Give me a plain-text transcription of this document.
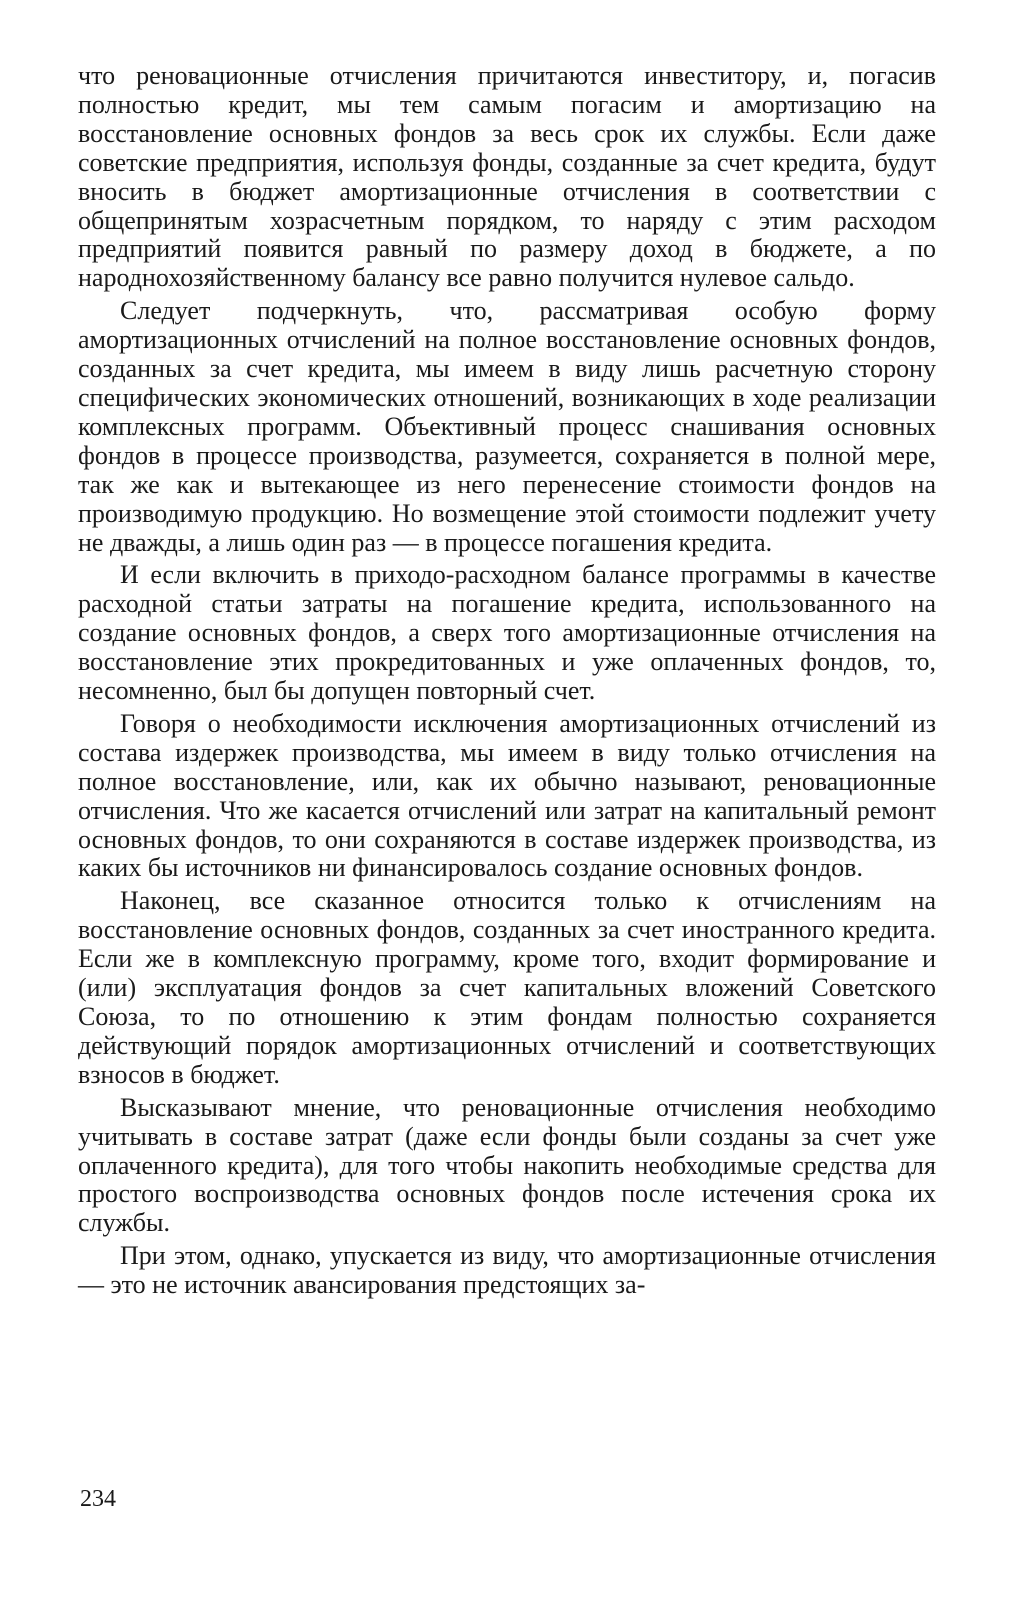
что реновационные отчисления причитаются инвеститору, и, погасив полностью кредит, мы тем самым погасим и амортизацию на восстановление основных фондов за весь срок их службы. Если даже советские предприятия, используя фонды, созданные за счет кредита, будут вносить в бюджет амортизационные отчисления в соответствии с общепринятым хозрасчетным порядком, то наряду с этим расходом предприятий появится равный по размеру доход в бюджете, а по народнохозяйственному балансу все равно получится нулевое сальдо.

Следует подчеркнуть, что, рассматривая особую форму амортизационных отчислений на полное восстановление основных фондов, созданных за счет кредита, мы имеем в виду лишь расчетную сторону специфических экономических отношений, возникающих в ходе реализации комплексных программ. Объективный процесс снашивания основных фондов в процессе производства, разумеется, сохраняется в полной мере, так же как и вытекающее из него перенесение стоимости фондов на производимую продукцию. Но возмещение этой стоимости подлежит учету не дважды, а лишь один раз — в процессе погашения кредита.

И если включить в приходо-расходном балансе программы в качестве расходной статьи затраты на погашение кредита, использованного на создание основных фондов, а сверх того амортизационные отчисления на восстановление этих прокредитованных и уже оплаченных фондов, то, несомненно, был бы допущен повторный счет.

Говоря о необходимости исключения амортизационных отчислений из состава издержек производства, мы имеем в виду только отчисления на полное восстановление, или, как их обычно называют, реновационные отчисления. Что же касается отчислений или затрат на капитальный ремонт основных фондов, то они сохраняются в составе издержек производства, из каких бы источников ни финансировалось создание основных фондов.

Наконец, все сказанное относится только к отчислениям на восстановление основных фондов, созданных за счет иностранного кредита. Если же в комплексную программу, кроме того, входит формирование и (или) эксплуатация фондов за счет капитальных вложений Советского Союза, то по отношению к этим фондам полностью сохраняется действующий порядок амортизационных отчислений и соответствующих взносов в бюджет.

Высказывают мнение, что реновационные отчисления необходимо учитывать в составе затрат (даже если фонды были созданы за счет уже оплаченного кредита), для того чтобы накопить необходимые средства для простого воспроизводства основных фондов после истечения срока их службы.

При этом, однако, упускается из виду, что амортизационные отчисления — это не источник авансирования предстоящих за-

234
